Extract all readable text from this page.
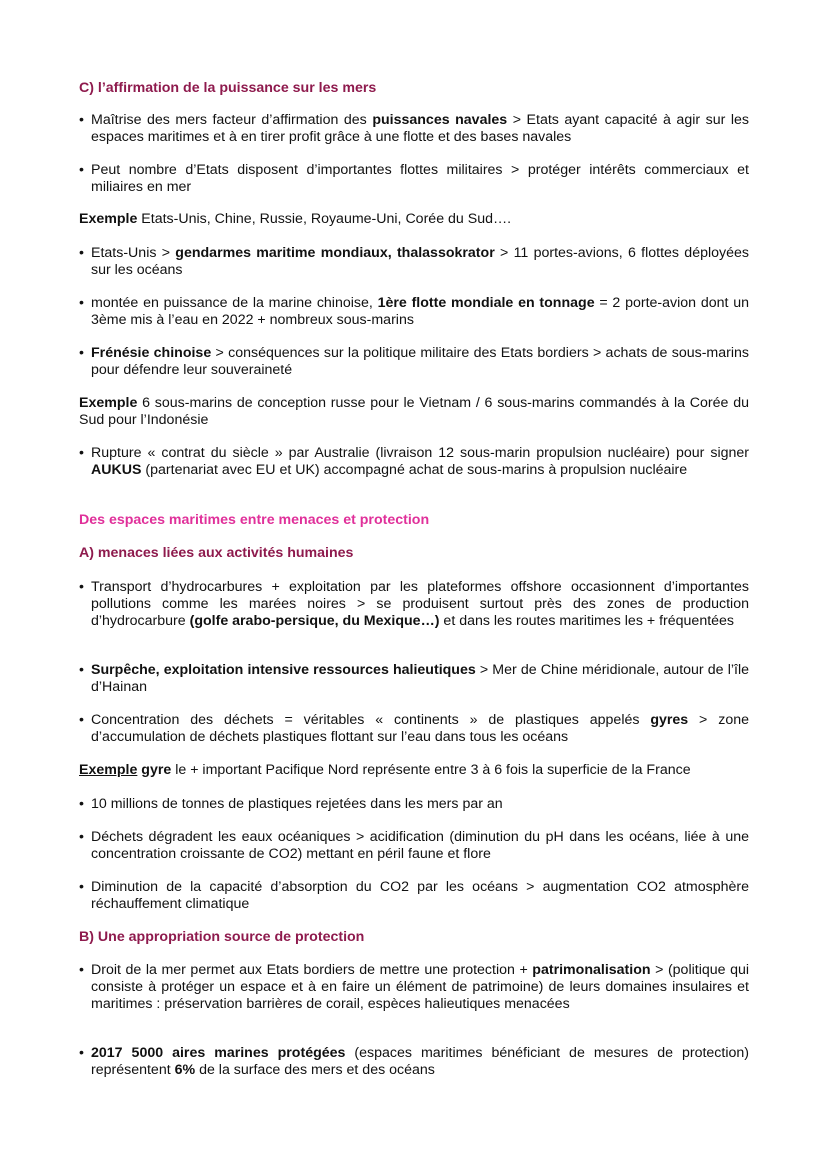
C) l’affirmation de la puissance sur les mers

• Maîtrise des mers facteur d’affirmation des puissances navales > Etats ayant capacité à agir sur les espaces maritimes et à en tirer profit grâce à une flotte et des bases navales
• Peut nombre d’Etats disposent d’importantes flottes militaires > protéger intérêts commerciaux et miliaires en mer
Exemple Etats-Unis, Chine, Russie, Royaume-Uni, Corée du Sud….
• Etats-Unis > gendarmes maritime mondiaux, thalassokrator > 11 portes-avions, 6 flottes déployées sur les océans
• montée en puissance de la marine chinoise, 1ère flotte mondiale en tonnage = 2 porte-avion dont un 3ème mis à l’eau en 2022 + nombreux sous-marins
• Frénésie chinoise > conséquences sur la politique militaire des Etats bordiers > achats de sous-marins pour défendre leur souveraineté
Exemple 6 sous-marins de conception russe pour le Vietnam / 6 sous-marins commandés à la Corée du Sud pour l’Indonésie
• Rupture « contrat du siècle » par Australie (livraison 12 sous-marin propulsion nucléaire) pour signer AUKUS (partenariat avec EU et UK) accompagné achat de sous-marins à propulsion nucléaire

Des espaces maritimes entre menaces et protection

A) menaces liées aux activités humaines

• Transport d’hydrocarbures + exploitation par les plateformes offshore occasionnent d’importantes pollutions comme les marées noires > se produisent surtout près des zones de production d’hydrocarbure (golfe arabo-persique, du Mexique…) et dans les routes maritimes les + fréquentées
• Surpêche, exploitation intensive ressources halieutiques > Mer de Chine méridionale, autour de l’île d’Hainan
• Concentration des déchets = véritables « continents » de plastiques appelés gyres > zone d’accumulation de déchets plastiques flottant sur l’eau dans tous les océans
Exemple gyre le + important Pacifique Nord représente entre 3 à 6 fois la superficie de la France
• 10 millions de tonnes de plastiques rejetées dans les mers par an
• Déchets dégradent les eaux océaniques > acidification (diminution du pH dans les océans, liée à une concentration croissante de CO2) mettant en péril faune et flore
• Diminution de la capacité d’absorption du CO2 par les océans > augmentation CO2 atmosphère réchauffement climatique

B) Une appropriation source de protection

• Droit de la mer permet aux Etats bordiers de mettre une protection + patrimonalisation > (politique qui consiste à protéger un espace et à en faire un élément de patrimoine) de leurs domaines insulaires et maritimes : préservation barrières de corail, espèces halieutiques menacées
• 2017 5000 aires marines protégées (espaces maritimes bénéficiant de mesures de protection) représentent 6% de la surface des mers et des océans
